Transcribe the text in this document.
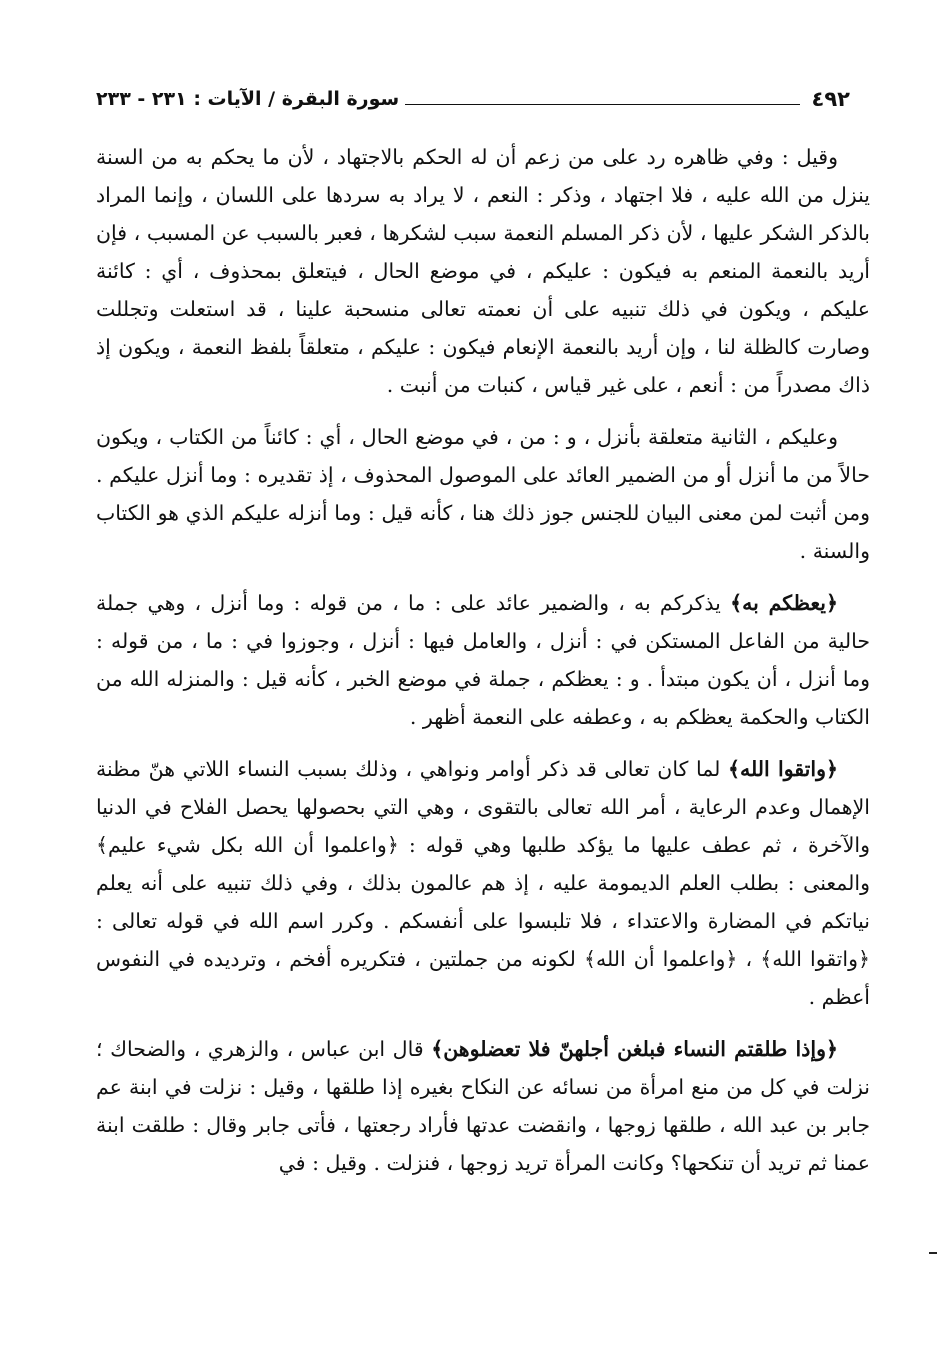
٤٩٢
سورة البقرة / الآيات : ٢٣١ - ٢٣٣

وقيل : وفي ظاهره رد على من زعم أن له الحكم بالاجتهاد ، لأن ما يحكم به من السنة ينزل من الله عليه ، فلا اجتهاد ، وذكر : النعم ، لا يراد به سردها على اللسان ، وإنما المراد بالذكر الشكر عليها ، لأن ذكر المسلم النعمة سبب لشكرها ، فعبر بالسبب عن المسبب ، فإن أريد بالنعمة المنعم به فيكون : عليكم ، في موضع الحال ، فيتعلق بمحذوف ، أي : كائنة عليكم ، ويكون في ذلك تنبيه على أن نعمته تعالى منسحبة علينا ، قد استعلت وتجللت وصارت كالظلة لنا ، وإن أريد بالنعمة الإنعام فيكون : عليكم ، متعلقاً بلفظ النعمة ، ويكون إذ ذاك مصدراً من : أنعم ، على غير قياس ، كنبات من أنبت .

وعليكم ، الثانية متعلقة بأنزل ، و : من ، في موضع الحال ، أي : كائناً من الكتاب ، ويكون حالاً من ما أنزل أو من الضمير العائد على الموصول المحذوف ، إذ تقديره : وما أنزل عليكم . ومن أثبت لمن معنى البيان للجنس جوز ذلك هنا ، كأنه قيل : وما أنزله عليكم الذي هو الكتاب والسنة .

﴿يعظكم به﴾ يذكركم به ، والضمير عائد على : ما ، من قوله : وما أنزل ، وهي جملة حالية من الفاعل المستكن في : أنزل ، والعامل فيها : أنزل ، وجوزوا في : ما ، من قوله : وما أنزل ، أن يكون مبتدأ . و : يعظكم ، جملة في موضع الخبر ، كأنه قيل : والمنزله الله من الكتاب والحكمة يعظكم به ، وعطفه على النعمة أظهر .

﴿واتقوا الله﴾ لما كان تعالى قد ذكر أوامر ونواهي ، وذلك بسبب النساء اللاتي هنّ مظنة الإهمال وعدم الرعاية ، أمر الله تعالى بالتقوى ، وهي التي بحصولها يحصل الفلاح في الدنيا والآخرة ، ثم عطف عليها ما يؤكد طلبها وهي قوله : ﴿واعلموا أن الله بكل شيء عليم﴾ والمعنى : بطلب العلم الديمومة عليه ، إذ هم عالمون بذلك ، وفي ذلك تنبيه على أنه يعلم نياتكم في المضارة والاعتداء ، فلا تلبسوا على أنفسكم . وكرر اسم الله في قوله تعالى : ﴿واتقوا الله﴾ ، ﴿واعلموا أن الله﴾ لكونه من جملتين ، فتكريره أفخم ، وترديده في النفوس أعظم .

﴿وإذا طلقتم النساء فبلغن أجلهنّ فلا تعضلوهن﴾ قال ابن عباس ، والزهري ، والضحاك ؛ نزلت في كل من منع امرأة من نسائه عن النكاح بغيره إذا طلقها ، وقيل : نزلت في ابنة عم جابر بن عبد الله ، طلقها زوجها ، وانقضت عدتها فأراد رجعتها ، فأتى جابر وقال : طلقت ابنة عمنا ثم تريد أن تنكحها؟ وكانت المرأة تريد زوجها ، فنزلت . وقيل : في
